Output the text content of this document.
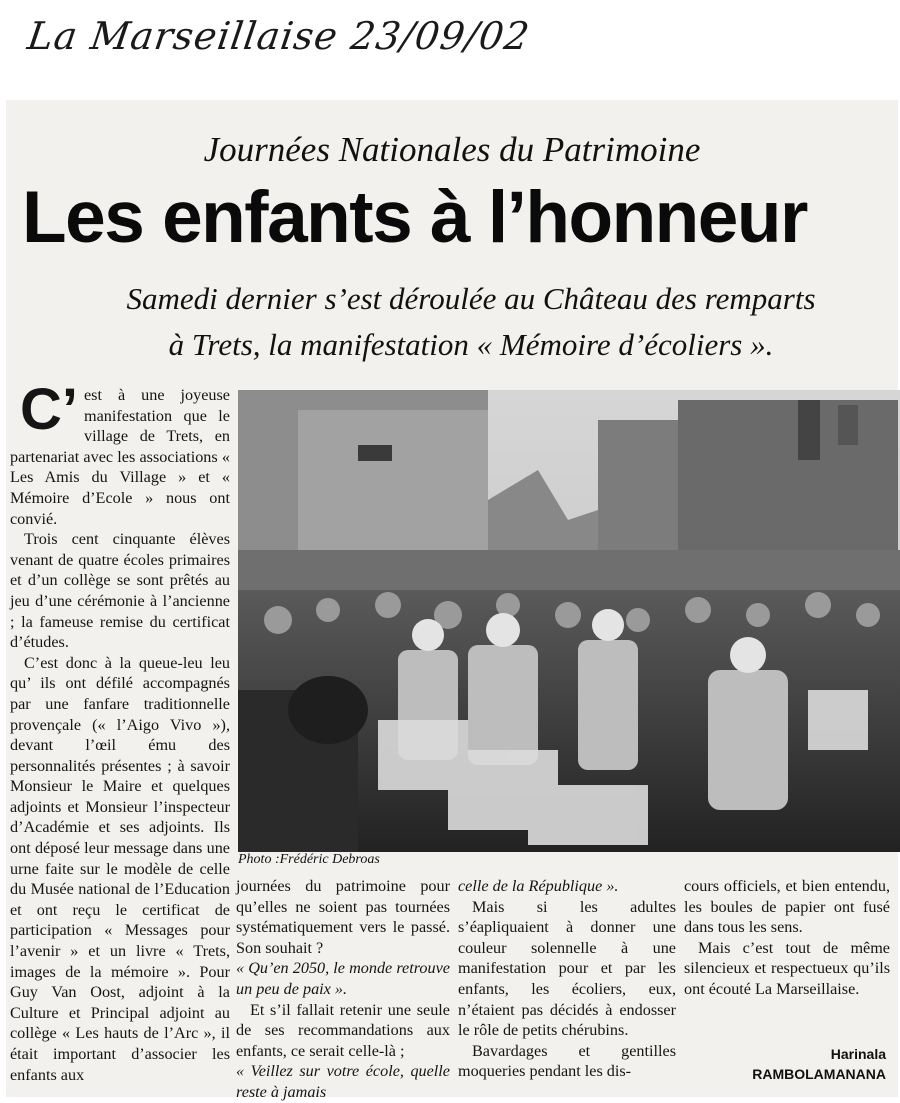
La Marseillaise 23/09/02
Journées Nationales du Patrimoine
Les enfants à l’honneur
Samedi dernier s’est déroulée au Château des remparts
à Trets, la manifestation « Mémoire d’écoliers ».
C’ est à une joyeuse manifestation que le village de Trets, en partenariat avec les associations « Les Amis du Village » et « Mémoire d’Ecole » nous ont convié.

Trois cent cinquante élèves venant de quatre écoles primaires et d’un collège se sont prêtés au jeu d’une cérémonie à l’ancienne ; la fameuse remise du certificat d’études.

C’est donc à la queue-leu leu qu’ ils ont défilé accompagnés par une fanfare traditionnelle provençale (« l’Aigo Vivo »), devant l’œil ému des personnalités présentes ; à savoir Monsieur le Maire et quelques adjoints et Monsieur l’inspecteur d’Académie et ses adjoints. Ils ont déposé leur message dans une urne faite sur le modèle de celle du Musée national de l’Education et ont reçu le certificat de participation « Messages pour l’avenir » et un livre « Trets, images de la mémoire ». Pour Guy Van Oost, adjoint à la Culture et Principal adjoint au collège « Les hauts de l’Arc », il était important d’associer les enfants aux

Photo :Frédéric Debroas

journées du patrimoine pour qu’elles ne soient pas tournées systématiquement vers le passé. Son souhait ?

« Qu’en 2050, le monde retrouve un peu de paix ».

Et s’il fallait retenir une seule de ses recommandations aux enfants, ce serait celle-là ;

« Veillez sur votre école, quelle reste à jamais

celle de la République ».

Mais si les adultes s’éapliquaient à donner une couleur solennelle à une manifestation pour et par les enfants, les écoliers, eux, n’étaient pas décidés à endosser le rôle de petits chérubins.

Bavardages et gentilles moqueries pendant les dis-

cours officiels, et bien entendu, les boules de papier ont fusé dans tous les sens.

Mais c’est tout de même silencieux et respectueux qu’ils ont écouté La Marseillaise.

Harinala
RAMBOLAMANANA
